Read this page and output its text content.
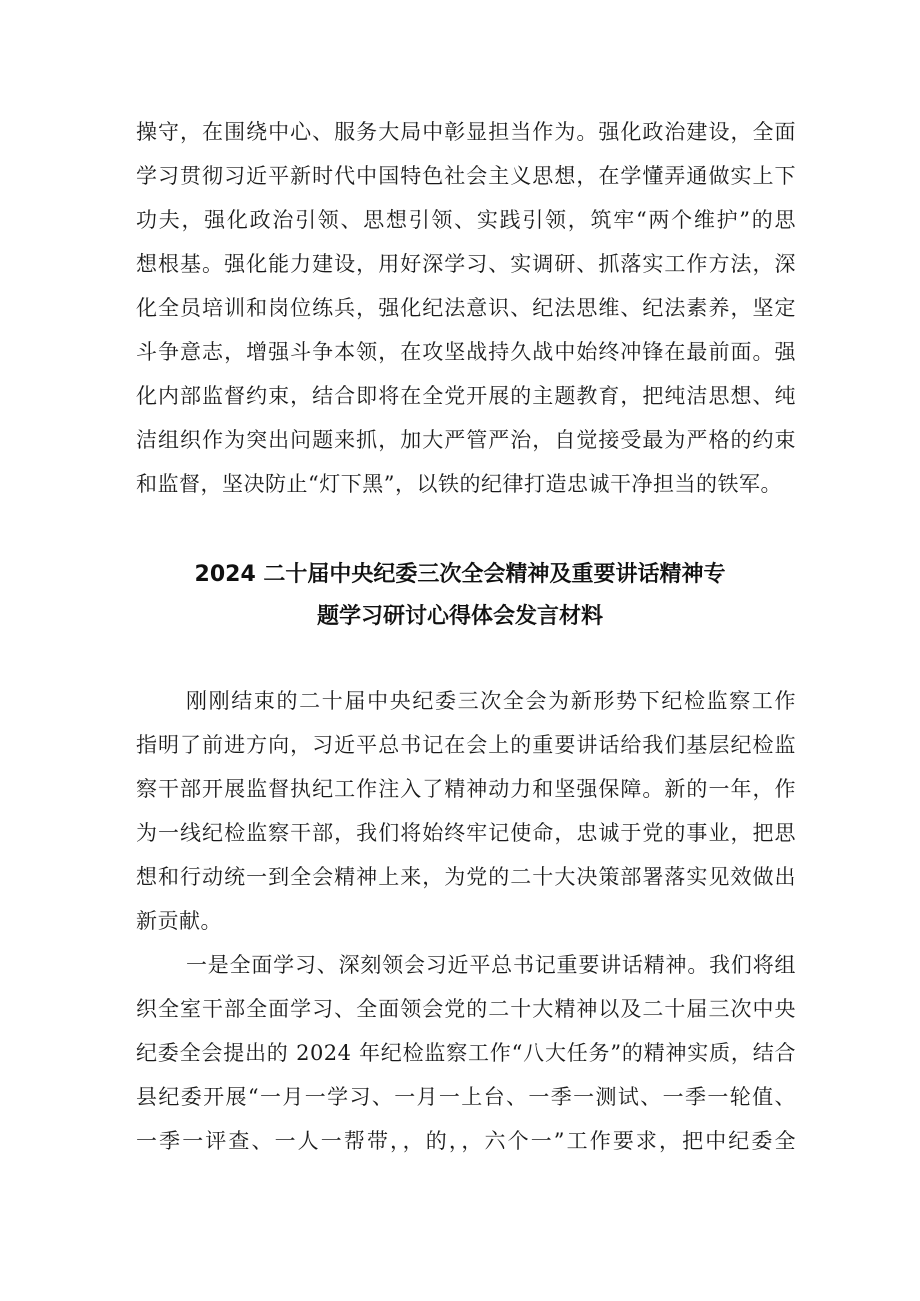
操守，在围绕中心、服务大局中彰显担当作为。强化政治建设，全面
学习贯彻习近平新时代中国特色社会主义思想，在学懂弄通做实上下
功夫，强化政治引领、思想引领、实践引领，筑牢“两个维护”的思
想根基。强化能力建设，用好深学习、实调研、抓落实工作方法，深
化全员培训和岗位练兵，强化纪法意识、纪法思维、纪法素养，坚定
斗争意志，增强斗争本领，在攻坚战持久战中始终冲锋在最前面。强
化内部监督约束，结合即将在全党开展的主题教育，把纯洁思想、纯
洁组织作为突出问题来抓，加大严管严治，自觉接受最为严格的约束
和监督，坚决防止“灯下黑”，以铁的纪律打造忠诚干净担当的铁军。
2024 二十届中央纪委三次全会精神及重要讲话精神专
题学习研讨心得体会发言材料
刚刚结束的二十届中央纪委三次全会为新形势下纪检监察工作
指明了前进方向，习近平总书记在会上的重要讲话给我们基层纪检监
察干部开展监督执纪工作注入了精神动力和坚强保障。新的一年，作
为一线纪检监察干部，我们将始终牢记使命，忠诚于党的事业，把思
想和行动统一到全会精神上来，为党的二十大决策部署落实见效做出
新贡献。
一是全面学习、深刻领会习近平总书记重要讲话精神。我们将组
织全室干部全面学习、全面领会党的二十大精神以及二十届三次中央
纪委全会提出的 2024 年纪检监察工作“八大任务”的精神实质，结合
县纪委开展“一月一学习、一月一上台、一季一测试、一季一轮值、
一季一评查、一人一帮带，，的，，六个一”工作要求，把中纪委全
